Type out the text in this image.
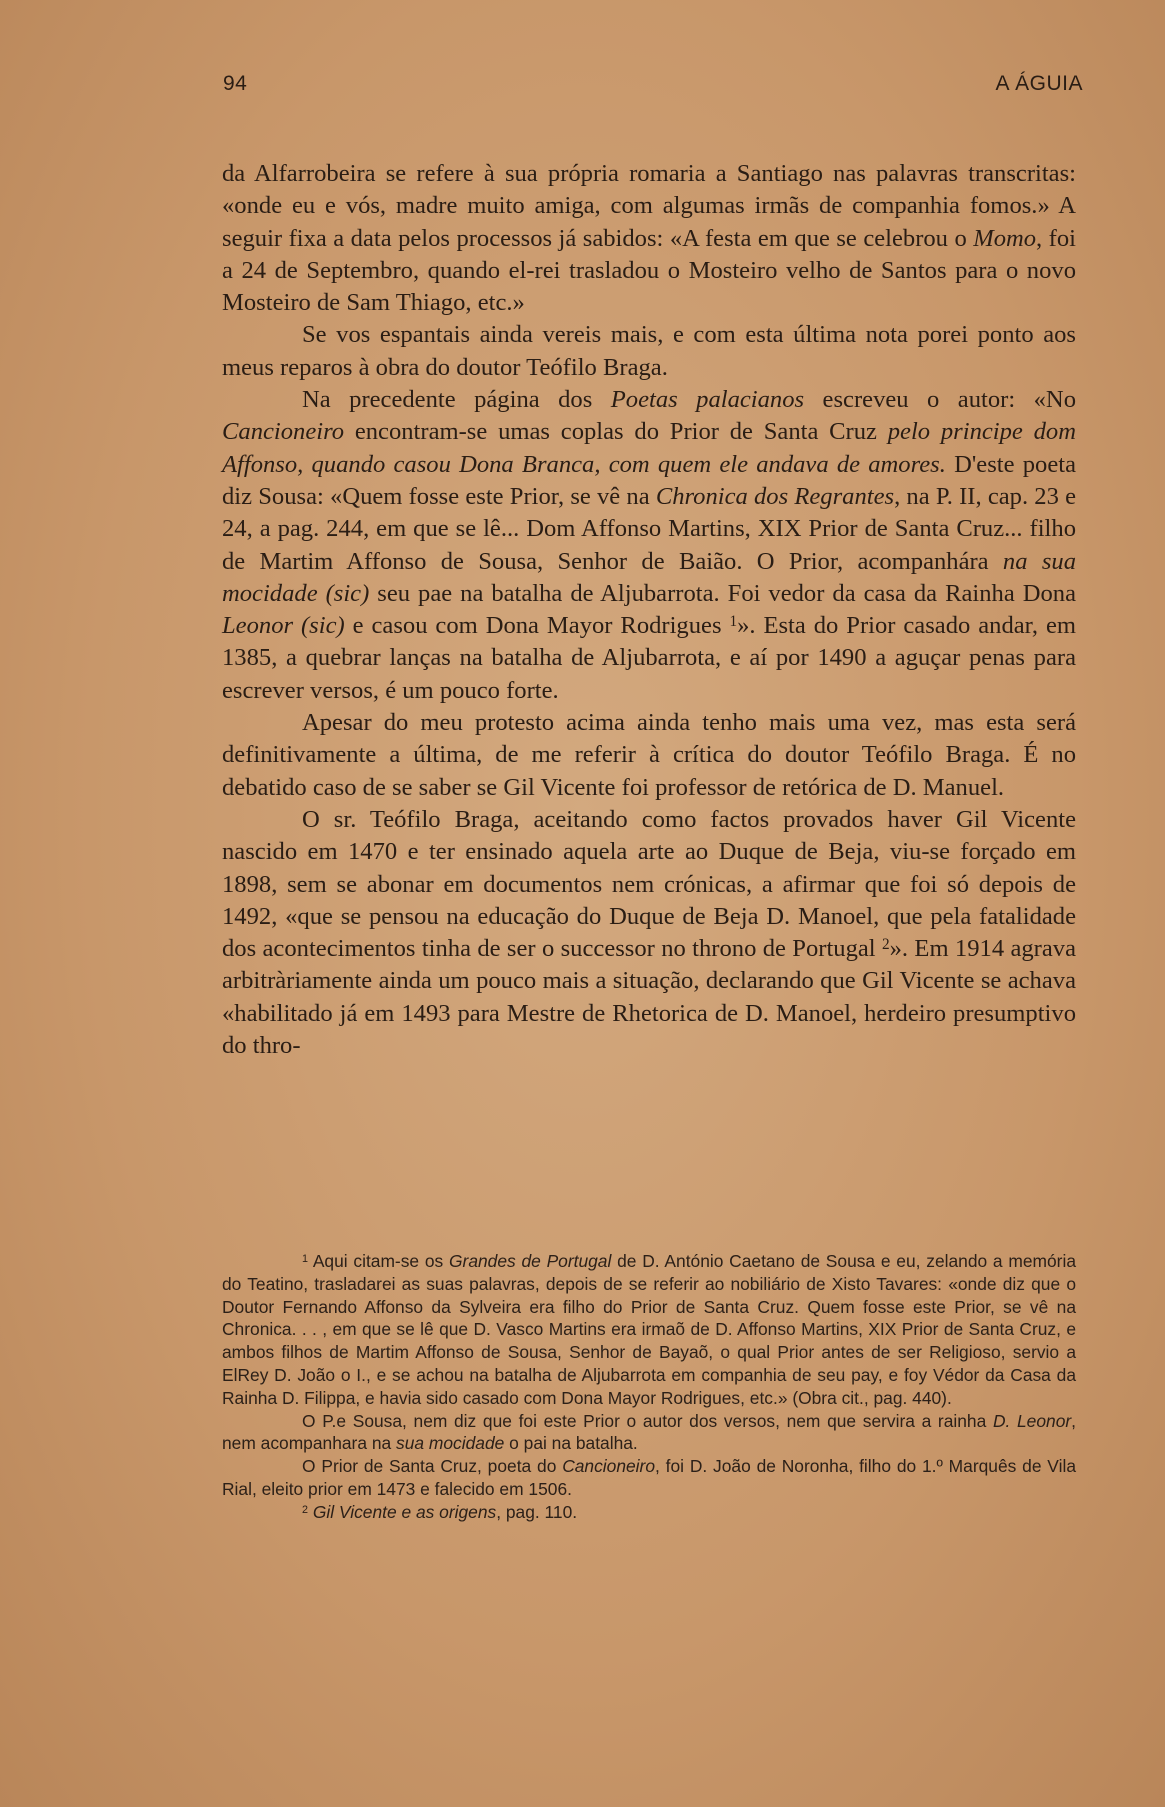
94	A ÁGUIA

da Alfarrobeira se refere à sua própria romaria a Santiago nas palavras transcritas: «onde eu e vós, madre muito amiga, com algumas irmãs de companhia fomos.» A seguir fixa a data pelos processos já sabidos: «A festa em que se celebrou o Momo, foi a 24 de Septembro, quando el-rei trasladou o Mosteiro velho de Santos para o novo Mosteiro de Sam Thiago, etc.»

Se vos espantais ainda vereis mais, e com esta última nota porei ponto aos meus reparos à obra do doutor Teófilo Braga.

Na precedente página dos Poetas palacianos escreveu o autor: «No Cancioneiro encontram-se umas coplas do Prior de Santa Cruz pelo principe dom Affonso, quando casou Dona Branca, com quem ele andava de amores. D'este poeta diz Sousa: «Quem fosse este Prior, se vê na Chronica dos Regrantes, na P. II, cap. 23 e 24, a pag. 244, em que se lê... Dom Affonso Martins, XIX Prior de Santa Cruz... filho de Martim Affonso de Sousa, Senhor de Baião. O Prior, acompanhára na sua mocidade (sic) seu pae na batalha de Aljubarrota. Foi vedor da casa da Rainha Dona Leonor (sic) e casou com Dona Mayor Rodrigues $^1$». Esta do Prior casado andar, em 1385, a quebrar lanças na batalha de Aljubarrota, e aí por 1490 a aguçar penas para escrever versos, é um pouco forte.

Apesar do meu protesto acima ainda tenho mais uma vez, mas esta será definitivamente a última, de me referir à crítica do doutor Teófilo Braga. É no debatido caso de se saber se Gil Vicente foi professor de retórica de D. Manuel.

O sr. Teófilo Braga, aceitando como factos provados haver Gil Vicente nascido em 1470 e ter ensinado aquela arte ao Duque de Beja, viu-se forçado em 1898, sem se abonar em documentos nem crónicas, a afirmar que foi só depois de 1492, «que se pensou na educação do Duque de Beja D. Manoel, que pela fatalidade dos acontecimentos tinha de ser o successor no throno de Portugal $^2$». Em 1914 agrava arbitràriamente ainda um pouco mais a situação, declarando que Gil Vicente se achava «habilitado já em 1493 para Mestre de Rhetorica de D. Manoel, herdeiro presumptivo do thro-

$^1$ Aqui citam-se os Grandes de Portugal de D. António Caetano de Sousa e eu, zelando a memória do Teatino, trasladarei as suas palavras, depois de se referir ao nobiliário de Xisto Tavares: «onde diz que o Doutor Fernando Affonso da Sylveira era filho do Prior de Santa Cruz. Quem fosse este Prior, se vê na Chronica. . . , em que se lê que D. Vasco Martins era irmaõ de D. Affonso Martins, XIX Prior de Santa Cruz, e ambos filhos de Martim Affonso de Sousa, Senhor de Bayaõ, o qual Prior antes de ser Religioso, servio a ElRey D. João o I., e se achou na batalha de Aljubarrota em companhia de seu pay, e foy Védor da Casa da Rainha D. Filippa, e havia sido casado com Dona Mayor Rodrigues, etc.» (Obra cit., pag. 440).

O P.e Sousa, nem diz que foi este Prior o autor dos versos, nem que servira a rainha D. Leonor, nem acompanhara na sua mocidade o pai na batalha.

O Prior de Santa Cruz, poeta do Cancioneiro, foi D. João de Noronha, filho do 1.º Marquês de Vila Rial, eleito prior em 1473 e falecido em 1506.

$^2$ Gil Vicente e as origens, pag. 110.
